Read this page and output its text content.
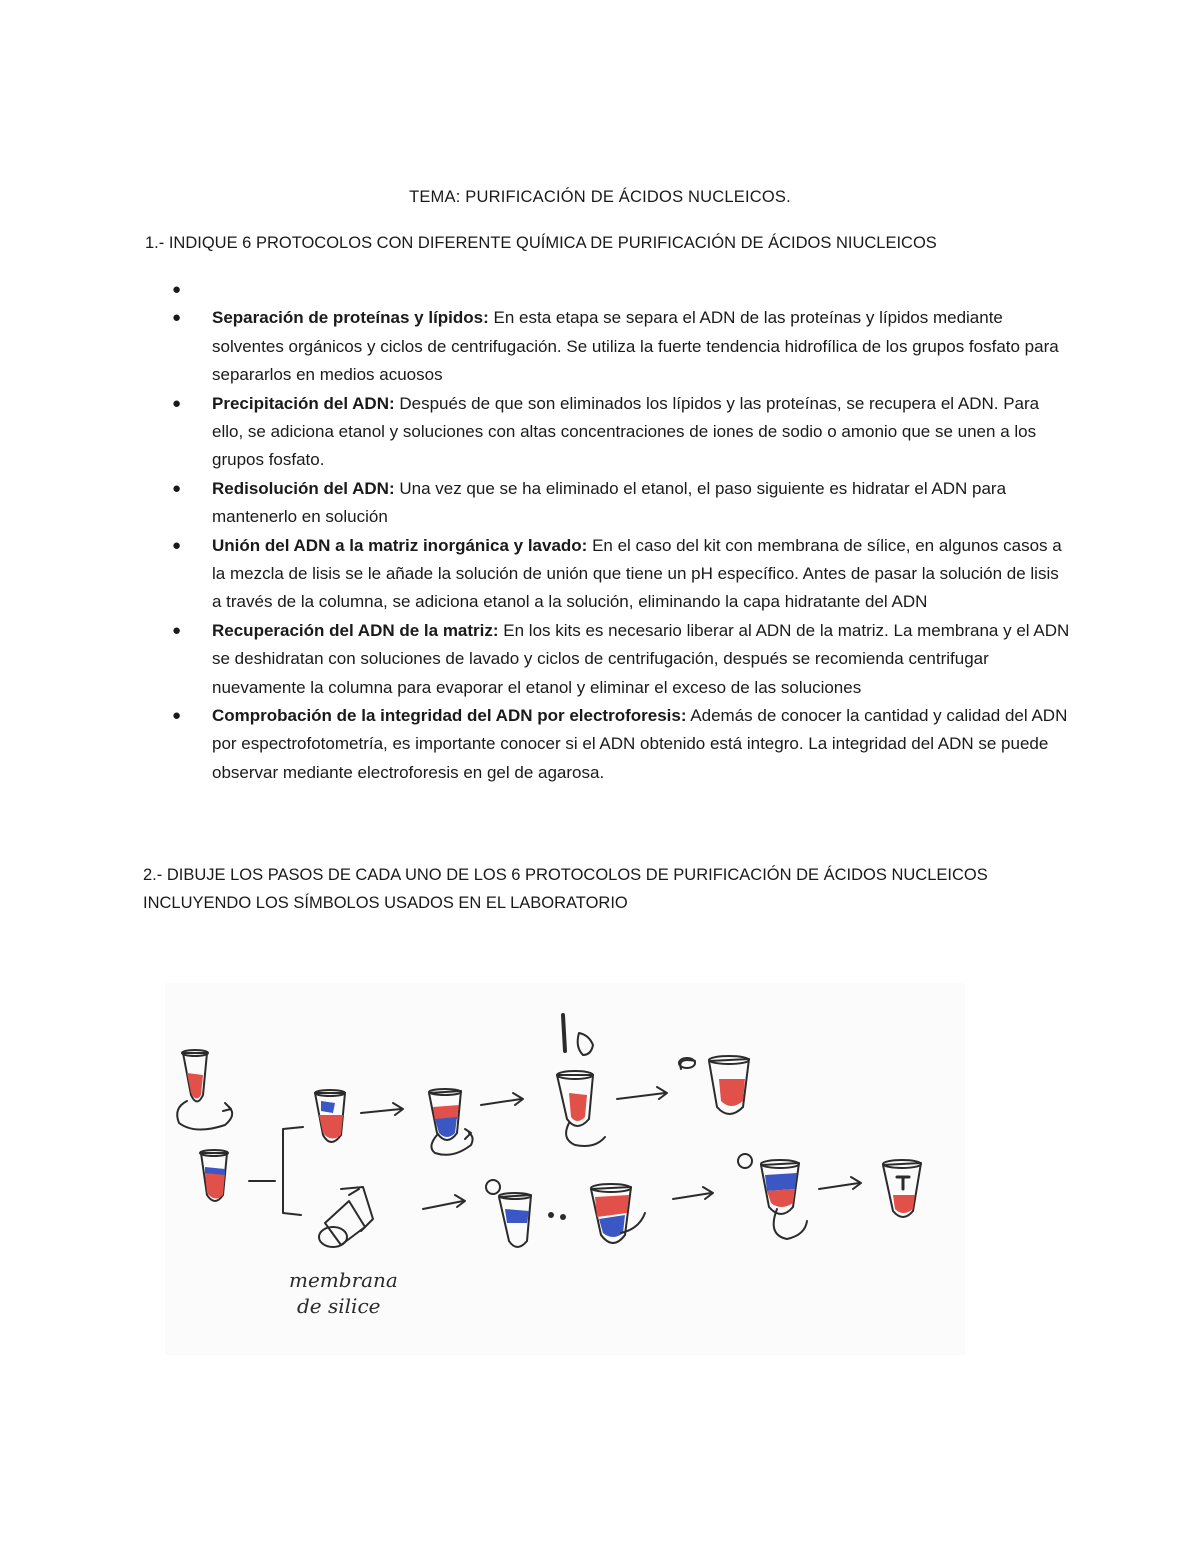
TEMA: PURIFICACIÓN DE ÁCIDOS NUCLEICOS.
1.- INDIQUE 6 PROTOCOLOS CON DIFERENTE QUÍMICA DE PURIFICACIÓN DE ÁCIDOS NIUCLEICOS
●
● Separación de proteínas y lípidos: En esta etapa se separa el ADN de las proteínas y lípidos mediante solventes orgánicos y ciclos de centrifugación. Se utiliza la fuerte tendencia hidrofílica de los grupos fosfato para separarlos en medios acuosos
● Precipitación del ADN: Después de que son eliminados los lípidos y las proteínas, se recupera el ADN. Para ello, se adiciona etanol y soluciones con altas concentraciones de iones de sodio o amonio que se unen a los grupos fosfato.
● Redisolución del ADN: Una vez que se ha eliminado el etanol, el paso siguiente es hidratar el ADN para mantenerlo en solución
● Unión del ADN a la matriz inorgánica y lavado: En el caso del kit con membrana de sílice, en algunos casos a la mezcla de lisis se le añade la solución de unión que tiene un pH específico. Antes de pasar la solución de lisis a través de la columna, se adiciona etanol a la solución, eliminando la capa hidratante del ADN
● Recuperación del ADN de la matriz: En los kits es necesario liberar al ADN de la matriz. La membrana y el ADN se deshidratan con soluciones de lavado y ciclos de centrifugación, después se recomienda centrifugar nuevamente la columna para evaporar el etanol y eliminar el exceso de las soluciones
● Comprobación de la integridad del ADN por electroforesis: Además de conocer la cantidad y calidad del ADN por espectrofotometría, es importante conocer si el ADN obtenido está integro. La integridad del ADN se puede observar mediante electroforesis en gel de agarosa.
2.- DIBUJE LOS PASOS DE CADA UNO DE LOS 6 PROTOCOLOS DE PURIFICACIÓN DE ÁCIDOS NUCLEICOS INCLUYENDO LOS SÍMBOLOS USADOS EN EL LABORATORIO
membrana
de silice
